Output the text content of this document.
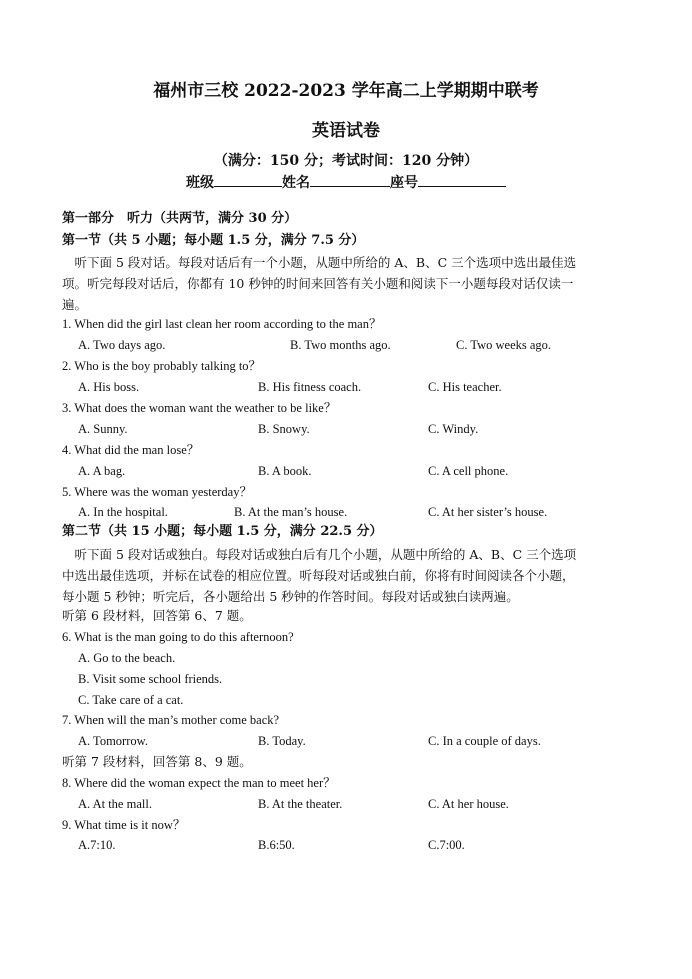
福州市三校 2022-2023 学年高二上学期期中联考
英语试卷
（满分：150 分；考试时间：120 分钟）
班级	姓名	座号
第一部分　听力（共两节，满分 30 分）
第一节（共 5 小题；每小题 1.5 分，满分 7.5 分）
　听下面 5 段对话。每段对话后有一个小题，从题中所给的 A、B、C 三个选项中选出最佳选
项。听完每段对话后，你都有 10 秒钟的时间来回答有关小题和阅读下一小题每段对话仅读一
遍。
1. When did the girl last clean her room according to the man？
A. Two days ago.	B. Two months ago.	C. Two weeks ago.
2. Who is the boy probably talking to？
A. His boss.	B. His fitness coach.	C. His teacher.
3. What does the woman want the weather to be like？
A. Sunny.	B. Snowy.	C. Windy.
4. What did the man lose？
A. A bag.	B. A book.	C. A cell phone.
5. Where was the woman yesterday？
A. In the hospital.	B. At the man’s house.	C. At her sister’s house.
第二节（共 15 小题；每小题 1.5 分，满分 22.5 分）
　听下面 5 段对话或独白。每段对话或独白后有几个小题，从题中所给的 A、B、C 三个选项
中选出最佳选项，并标在试卷的相应位置。听每段对话或独白前，你将有时间阅读各个小题，
每小题 5 秒钟；听完后，各小题给出 5 秒钟的作答时间。每段对话或独白读两遍。
听第 6 段材料，回答第 6、7 题。
6. What is the man going to do this afternoon?
A. Go to the beach.
B. Visit some school friends.
C. Take care of a cat.
7. When will the man’s mother come back?
A. Tomorrow.	B. Today.	C. In a couple of days.
听第 7 段材料，回答第 8、9 题。
8. Where did the woman expect the man to meet her？
A. At the mall.	B. At the theater.	C. At her house.
9. What time is it now？
A.7:10.	B.6:50.	C.7:00.
